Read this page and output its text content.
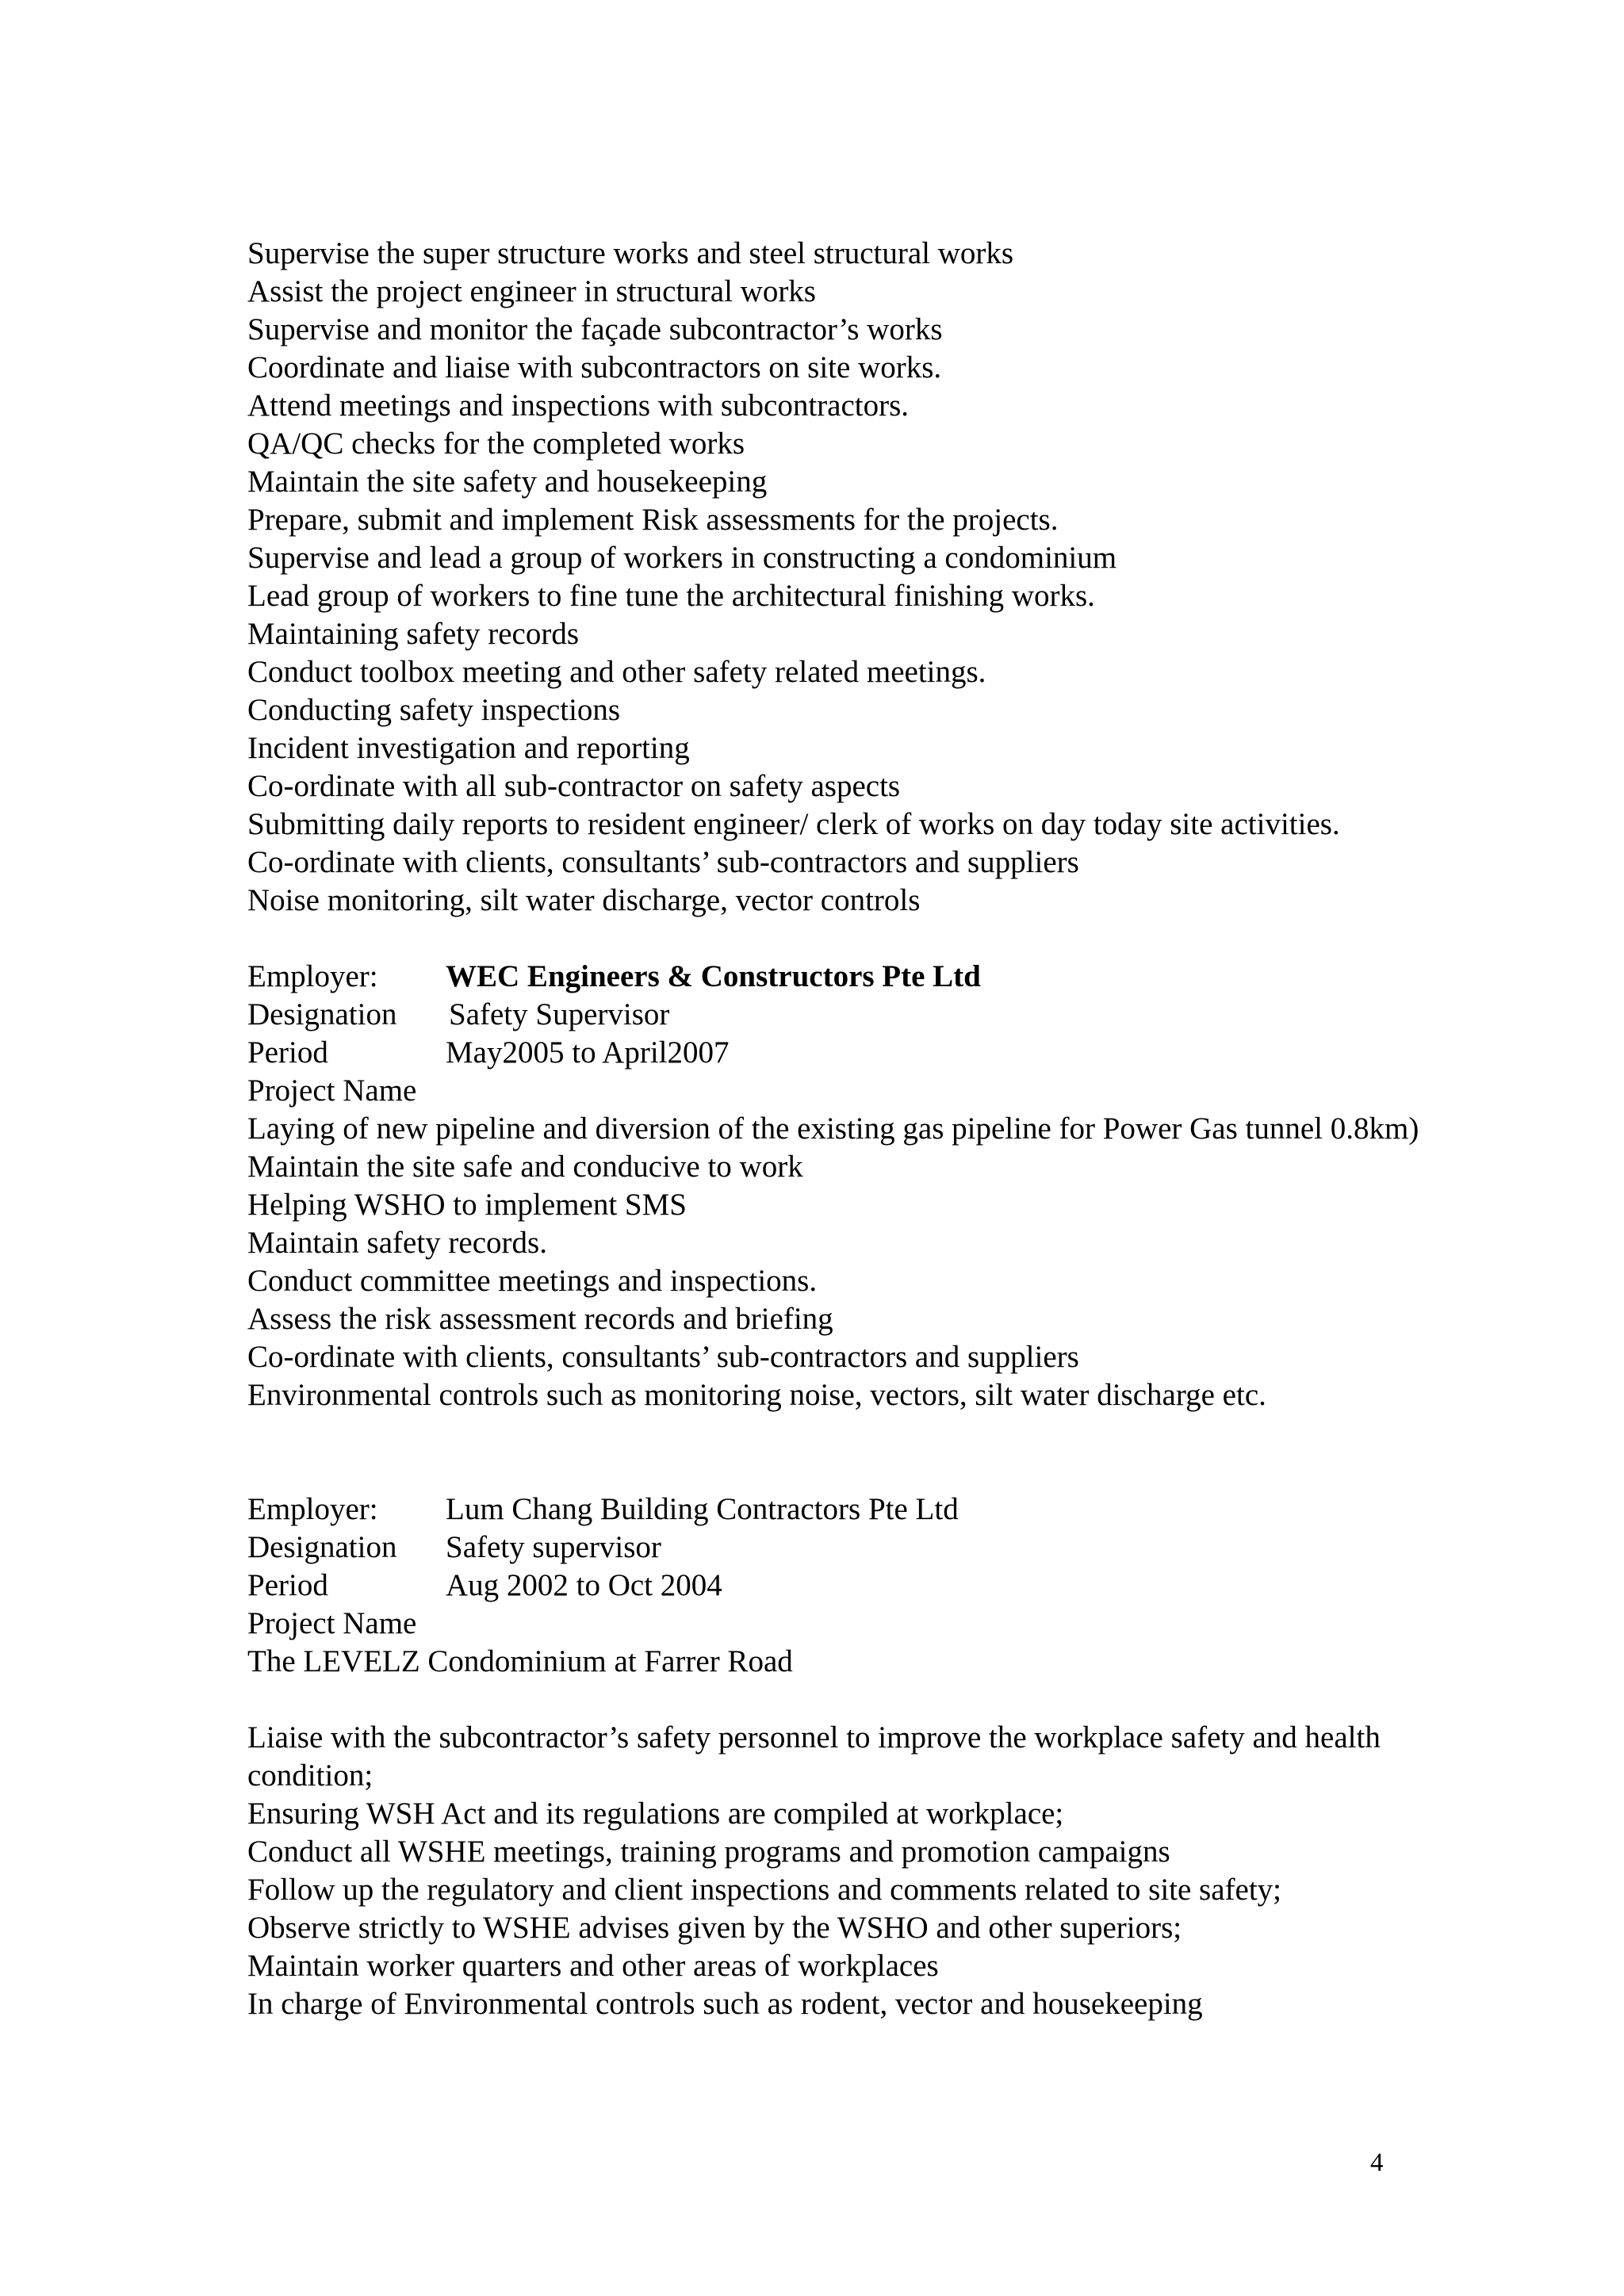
Supervise the super structure works and steel structural works
Assist the project engineer in structural works
Supervise and monitor the façade subcontractor’s works
Coordinate and liaise with subcontractors on site works.
Attend meetings and inspections with subcontractors.
QA/QC checks for the completed works
Maintain the site safety and housekeeping
Prepare, submit and implement Risk assessments for the projects.
Supervise and lead a group of workers in constructing a condominium
Lead group of workers to fine tune the architectural finishing works.
Maintaining safety records
Conduct toolbox meeting and other safety related meetings.
Conducting safety inspections
Incident investigation and reporting
Co-ordinate with all sub-contractor on safety aspects
Submitting daily reports to resident engineer/ clerk of works on day today site activities.
Co-ordinate with clients, consultants’ sub-contractors and suppliers
Noise monitoring, silt water discharge, vector controls
Employer:	WEC Engineers & Constructors Pte Ltd
Designation	Safety Supervisor
Period	May2005 to April2007
Project Name
Laying of new pipeline and diversion of the existing gas pipeline for Power Gas tunnel 0.8km)
Maintain the site safe and conducive to work
Helping WSHO to implement SMS
Maintain safety records.
Conduct committee meetings and inspections.
Assess the risk assessment records and briefing
Co-ordinate with clients, consultants’ sub-contractors and suppliers
Environmental controls such as monitoring noise, vectors, silt water discharge etc.
Employer:	Lum Chang Building Contractors Pte Ltd
Designation	Safety supervisor
Period	Aug 2002 to Oct 2004
Project Name
The LEVELZ Condominium at Farrer Road
Liaise with the subcontractor’s safety personnel to improve the workplace safety and health condition;
Ensuring WSH Act and its regulations are compiled at workplace;
Conduct all WSHE meetings, training programs and promotion campaigns
Follow up the regulatory and client inspections and comments related to site safety;
Observe strictly to WSHE advises given by the WSHO and other superiors;
Maintain worker quarters and other areas of workplaces
In charge of Environmental controls such as rodent, vector and housekeeping
4
